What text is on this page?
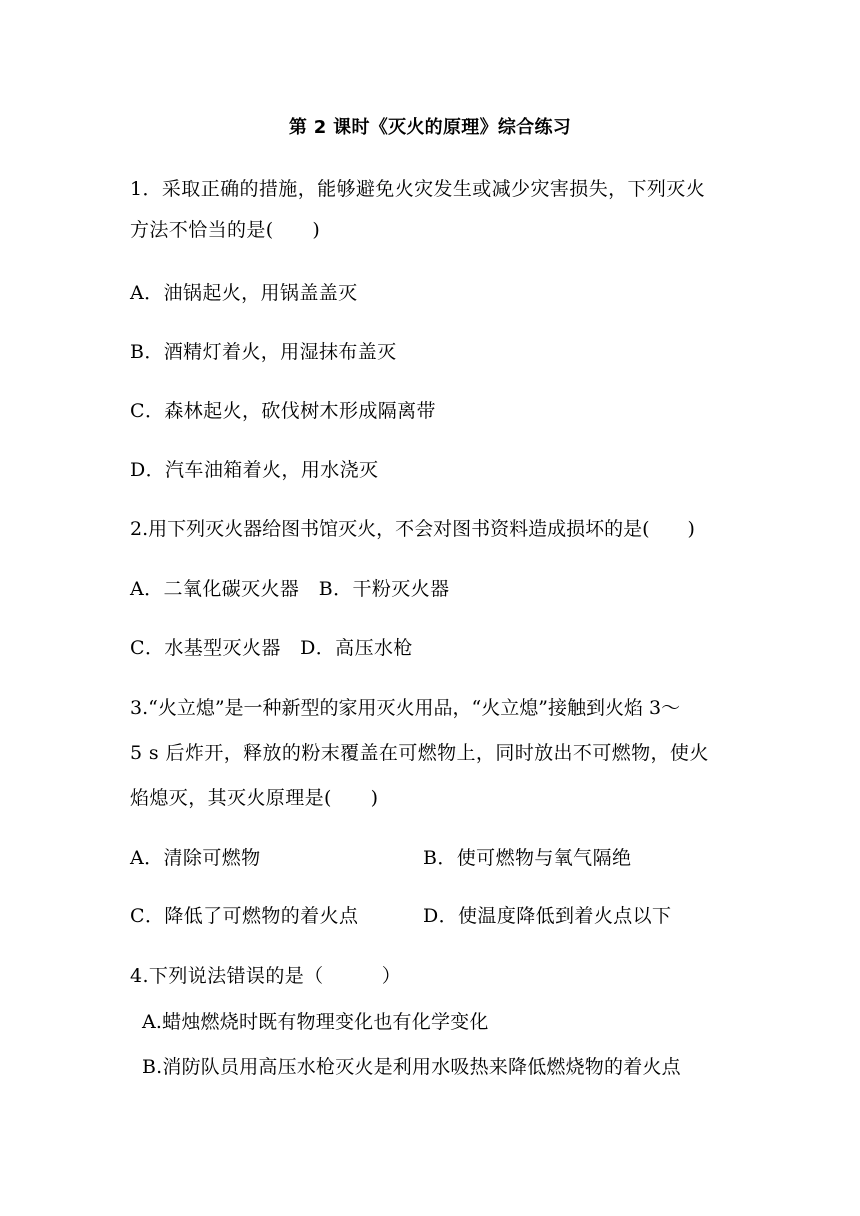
第 2 课时《灭火的原理》综合练习
1．采取正确的措施，能够避免火灾发生或减少灾害损失，下列灭火
方法不恰当的是(　　)
A．油锅起火，用锅盖盖灭
B．酒精灯着火，用湿抹布盖灭
C．森林起火，砍伐树木形成隔离带
D．汽车油箱着火，用水浇灭
2.用下列灭火器给图书馆灭火，不会对图书资料造成损坏的是(　　)
A．二氧化碳灭火器　B．干粉灭火器
C．水基型灭火器　D．高压水枪
3.“火立熄”是一种新型的家用灭火用品，“火立熄”接触到火焰 3～
5 s 后炸开，释放的粉末覆盖在可燃物上，同时放出不可燃物，使火
焰熄灭，其灭火原理是(　　)
A．清除可燃物	B．使可燃物与氧气隔绝
C．降低了可燃物的着火点	D．使温度降低到着火点以下
4.下列说法错误的是（　　　）
A.蜡烛燃烧时既有物理变化也有化学变化
B.消防队员用高压水枪灭火是利用水吸热来降低燃烧物的着火点
